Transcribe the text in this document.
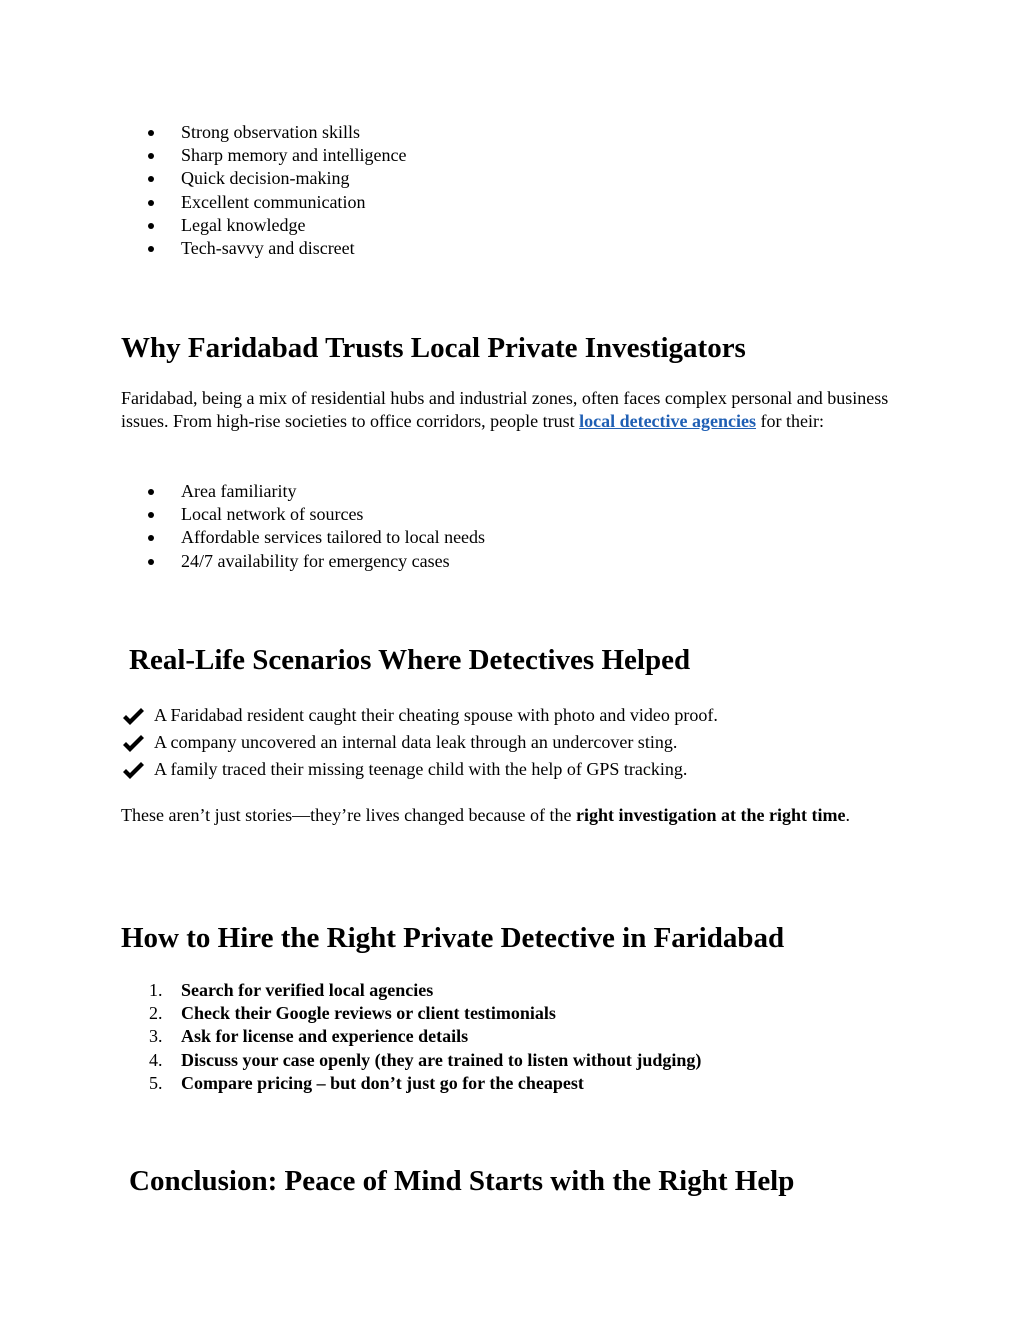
Strong observation skills
Sharp memory and intelligence
Quick decision-making
Excellent communication
Legal knowledge
Tech-savvy and discreet
Why Faridabad Trusts Local Private Investigators

Faridabad, being a mix of residential hubs and industrial zones, often faces complex personal and business issues. From high-rise societies to office corridors, people trust local detective agencies for their:

Area familiarity
Local network of sources
Affordable services tailored to local needs
24/7 availability for emergency cases
Real-Life Scenarios Where Detectives Helped
A Faridabad resident caught their cheating spouse with photo and video proof.
A company uncovered an internal data leak through an undercover sting.
A family traced their missing teenage child with the help of GPS tracking.

These aren’t just stories—they’re lives changed because of the right investigation at the right time.

How to Hire the Right Private Detective in Faridabad
1.	Search for verified local agencies
2.	Check their Google reviews or client testimonials
3.	Ask for license and experience details
4.	Discuss your case openly (they are trained to listen without judging)
5.	Compare pricing – but don’t just go for the cheapest
Conclusion: Peace of Mind Starts with the Right Help
